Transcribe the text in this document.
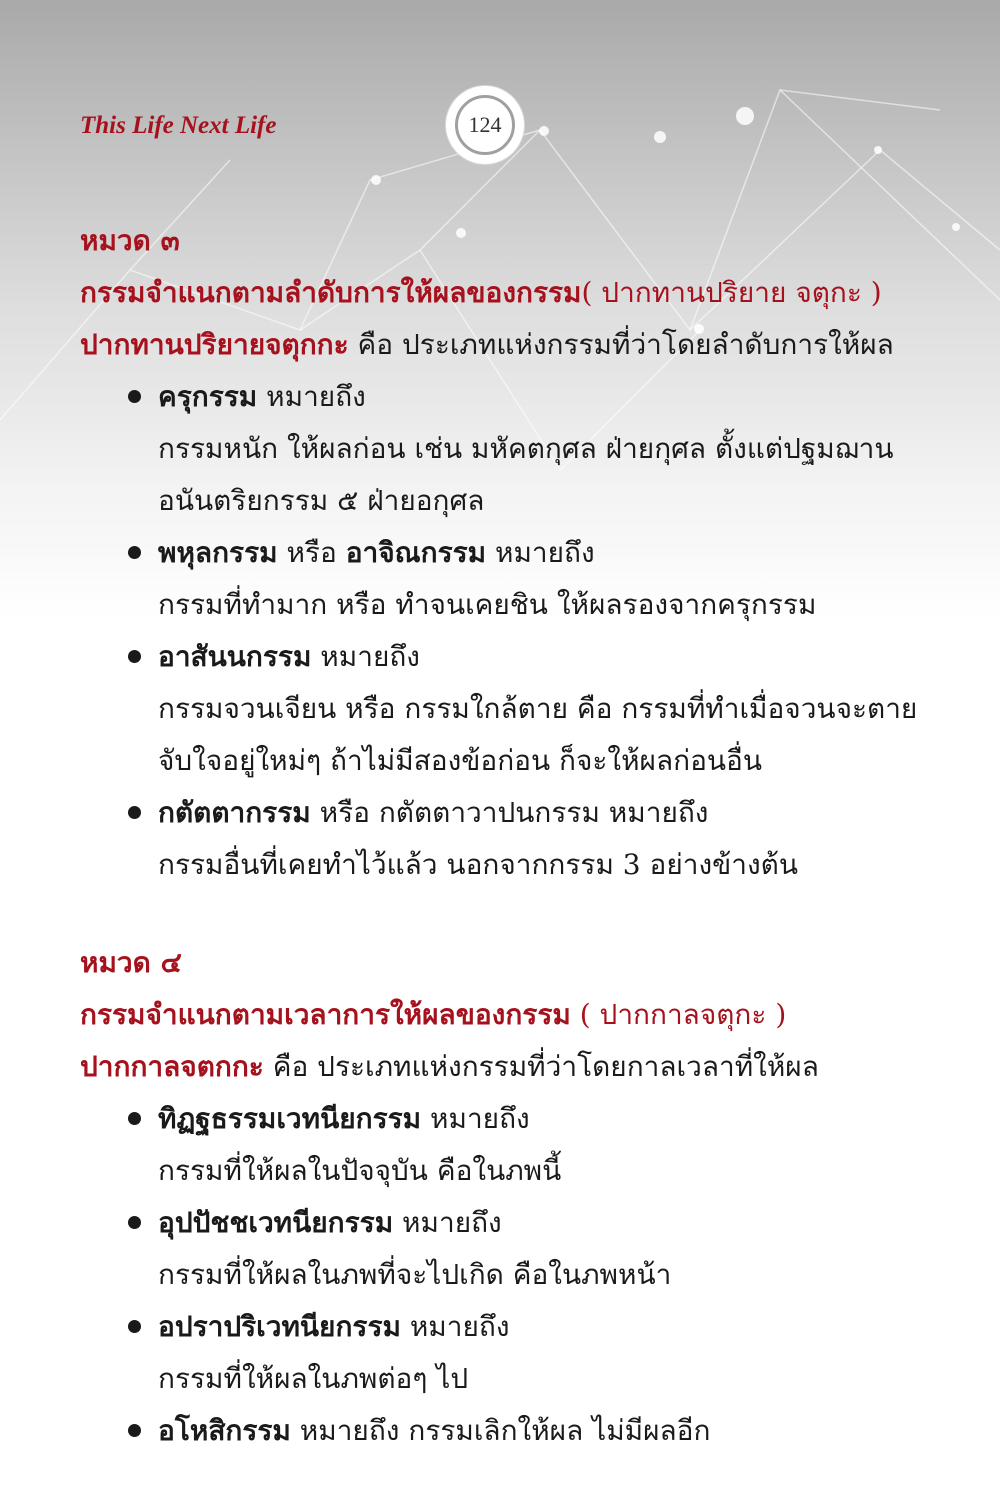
This Life Next Life	124
หมวด ๓
กรรมจำแนกตามลำดับการให้ผลของกรรม( ปากทานปริยาย จตุกะ )
ปากทานปริยายจตุกกะ คือ ประเภทแห่งกรรมที่ว่าโดยลำดับการให้ผล
ครุกรรม หมายถึง
กรรมหนัก ให้ผลก่อน เช่น มหัคตกุศล ฝ่ายกุศล ตั้งแต่ปฐมฌาน
อนันตริยกรรม ๕ ฝ่ายอกุศล
พหุลกรรม หรือ อาจิณกรรม หมายถึง
กรรมที่ทำมาก หรือ ทำจนเคยชิน ให้ผลรองจากครุกรรม
อาสันนกรรม หมายถึง
กรรมจวนเจียน หรือ กรรมใกล้ตาย คือ กรรมที่ทำเมื่อจวนจะตาย
จับใจอยู่ใหม่ๆ ถ้าไม่มีสองข้อก่อน ก็จะให้ผลก่อนอื่น
กตัตตากรรม หรือ กตัตตาวาปนกรรม หมายถึง
กรรมอื่นที่เคยทำไว้แล้ว นอกจากกรรม 3 อย่างข้างต้น
หมวด ๔
กรรมจำแนกตามเวลาการให้ผลของกรรม ( ปากกาลจตุกะ )
ปากกาลจตกกะ คือ ประเภทแห่งกรรมที่ว่าโดยกาลเวลาที่ให้ผล
ทิฏฐธรรมเวทนียกรรม หมายถึง
กรรมที่ให้ผลในปัจจุบัน คือในภพนี้
อุปปัชชเวทนียกรรม หมายถึง
กรรมที่ให้ผลในภพที่จะไปเกิด คือในภพหน้า
อปราปริเวทนียกรรม หมายถึง
กรรมที่ให้ผลในภพต่อๆ ไป
อโหสิกรรม หมายถึง กรรมเลิกให้ผล ไม่มีผลอีก
